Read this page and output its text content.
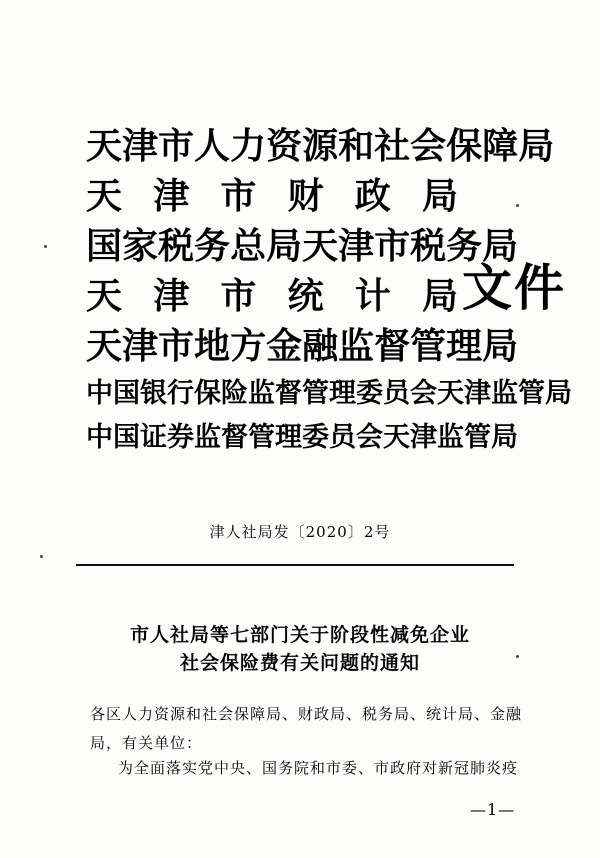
天 津 市 人 力 资 源 和 社 会 保 障 局
天 津 市 财 政 局
国 家 税 务 总 局 天 津 市 税 务 局
天 津 市 统 计 局
天 津 市 地 方 金 融 监 督 管 理 局
中 国 银 行 保 险 监 督 管 理 委 员 会 天 津 监 管 局
中 国 证 券 监 督 管 理 委 员 会 天 津 监 管 局
文件
津人社局发〔2020〕2号
市人社局等七部门关于阶段性减免企业
社会保险费有关问题的通知
各区人力资源和社会保障局、财政局、税务局、统计局、金融
局，有关单位：
为全面落实党中央、国务院和市委、市政府对新冠肺炎疫
—1—
